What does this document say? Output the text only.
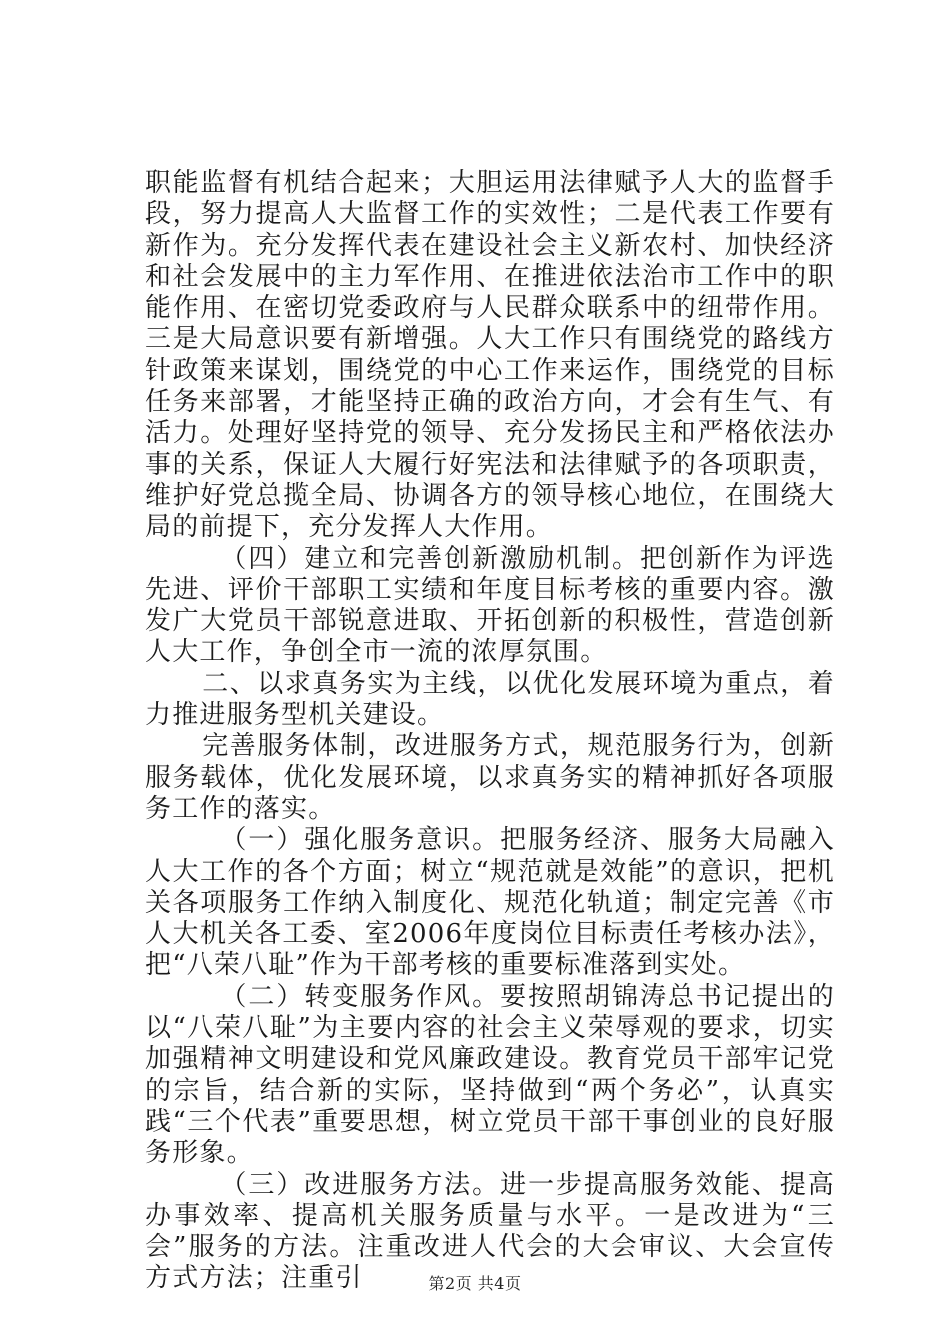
职能监督有机结合起来；大胆运用法律赋予人大的监督手段，努力提高人大监督工作的实效性；二是代表工作要有新作为。充分发挥代表在建设社会主义新农村、加快经济和社会发展中的主力军作用、在推进依法治市工作中的职能作用、在密切党委政府与人民群众联系中的纽带作用。三是大局意识要有新增强。人大工作只有围绕党的路线方针政策来谋划，围绕党的中心工作来运作，围绕党的目标任务来部署，才能坚持正确的政治方向，才会有生气、有活力。处理好坚持党的领导、充分发扬民主和严格依法办事的关系，保证人大履行好宪法和法律赋予的各项职责，维护好党总揽全局、协调各方的领导核心地位，在围绕大局的前提下，充分发挥人大作用。

（四）建立和完善创新激励机制。把创新作为评选先进、评价干部职工实绩和年度目标考核的重要内容。激发广大党员干部锐意进取、开拓创新的积极性，营造创新人大工作，争创全市一流的浓厚氛围。

二、以求真务实为主线，以优化发展环境为重点，着力推进服务型机关建设。

完善服务体制，改进服务方式，规范服务行为，创新服务载体，优化发展环境，以求真务实的精神抓好各项服务工作的落实。

（一）强化服务意识。把服务经济、服务大局融入人大工作的各个方面；树立“规范就是效能”的意识，把机关各项服务工作纳入制度化、规范化轨道；制定完善《市人大机关各工委、室2006年度岗位目标责任考核办法》，把“八荣八耻”作为干部考核的重要标准落到实处。

（二）转变服务作风。要按照胡锦涛总书记提出的以“八荣八耻”为主要内容的社会主义荣辱观的要求，切实加强精神文明建设和党风廉政建设。教育党员干部牢记党的宗旨，结合新的实际，坚持做到“两个务必”，认真实践“三个代表”重要思想，树立党员干部干事创业的良好服务形象。

（三）改进服务方法。进一步提高服务效能、提高办事效率、提高机关服务质量与水平。一是改进为“三会”服务的方法。注重改进人代会的大会审议、大会宣传方式方法；注重引	第2页 共4页
